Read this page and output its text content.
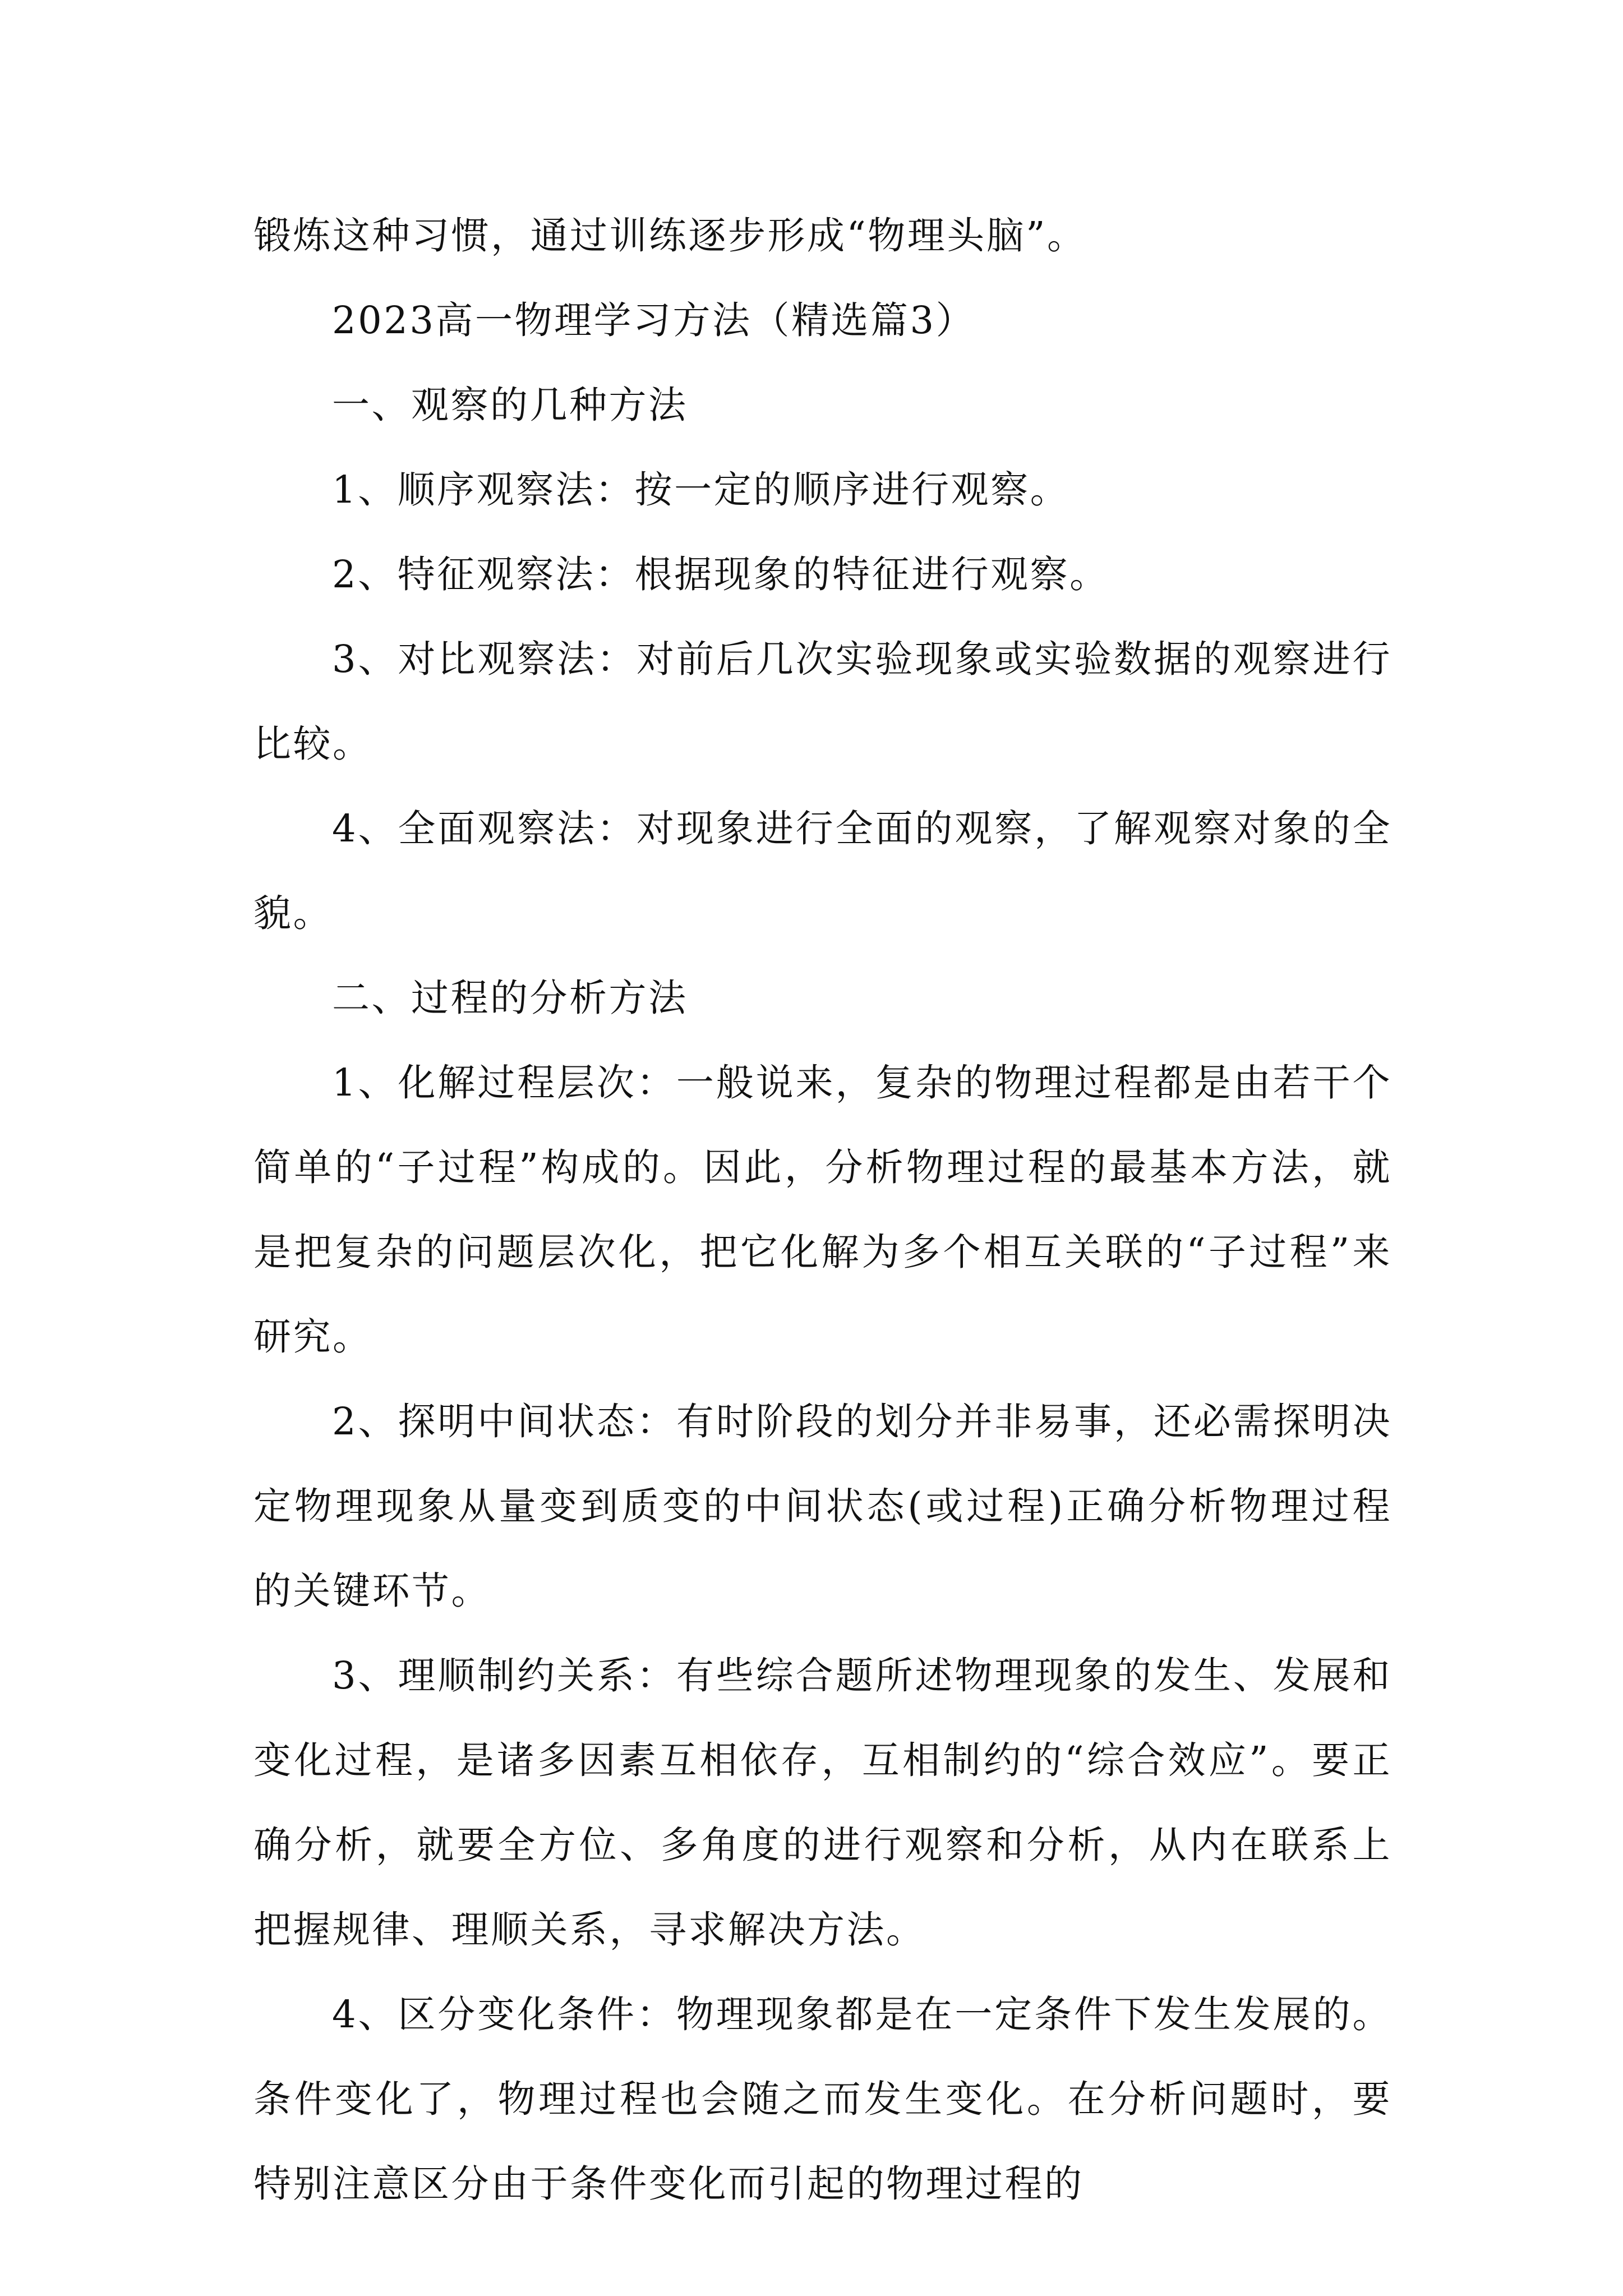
锻炼这种习惯，通过训练逐步形成“物理头脑”。

2023高一物理学习方法（精选篇3）

一、观察的几种方法

1、顺序观察法：按一定的顺序进行观察。

2、特征观察法：根据现象的特征进行观察。

3、对比观察法：对前后几次实验现象或实验数据的观察进行比较。

4、全面观察法：对现象进行全面的观察，了解观察对象的全貌。

二、过程的分析方法

1、化解过程层次：一般说来，复杂的物理过程都是由若干个简单的“子过程”构成的。因此，分析物理过程的最基本方法，就是把复杂的问题层次化，把它化解为多个相互关联的“子过程”来研究。

2、探明中间状态：有时阶段的划分并非易事，还必需探明决定物理现象从量变到质变的中间状态(或过程)正确分析物理过程的关键环节。

3、理顺制约关系：有些综合题所述物理现象的发生、发展和变化过程，是诸多因素互相依存，互相制约的“综合效应”。要正确分析，就要全方位、多角度的进行观察和分析，从内在联系上把握规律、理顺关系，寻求解决方法。

4、区分变化条件：物理现象都是在一定条件下发生发展的。条件变化了，物理过程也会随之而发生变化。在分析问题时，要特别注意区分由于条件变化而引起的物理过程的
